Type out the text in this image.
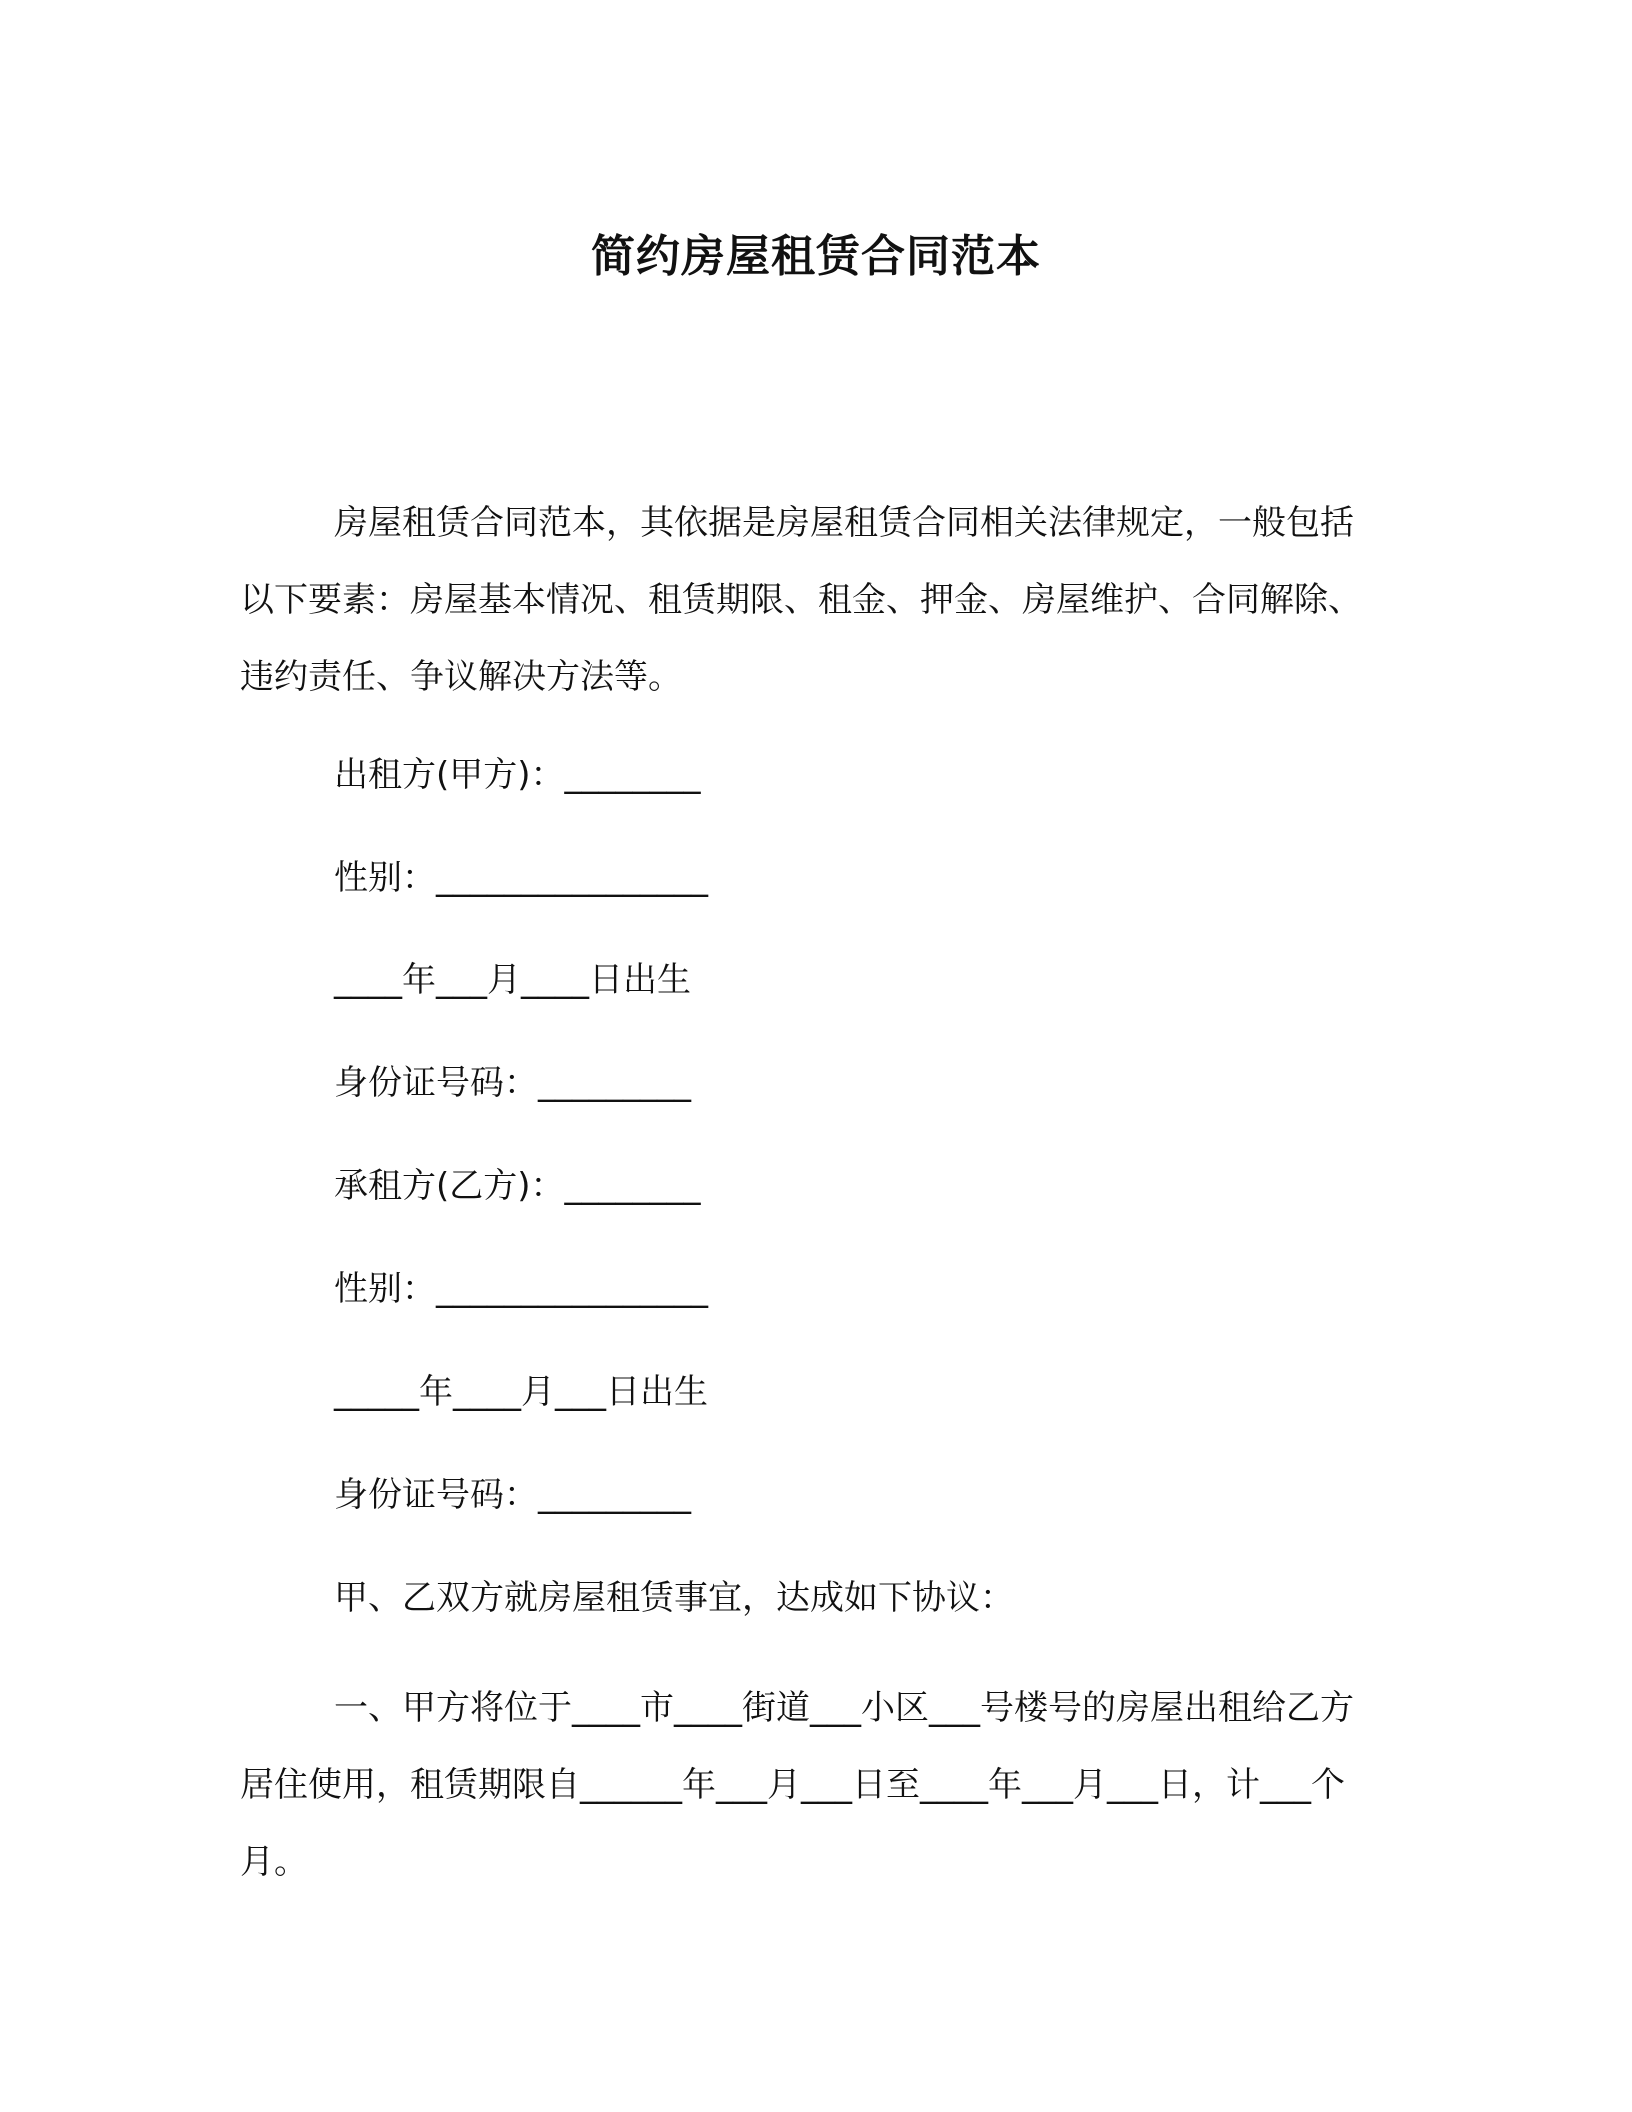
简约房屋租赁合同范本

房屋租赁合同范本，其依据是房屋租赁合同相关法律规定，一般包括以下要素：房屋基本情况、租赁期限、租金、押金、房屋维护、合同解除、违约责任、争议解决方法等。

出租方(甲方)：________
性别：________________
____年___月____日出生
身份证号码：_________
承租方(乙方)：________
性别：________________
_____年____月___日出生
身份证号码：_________
甲、乙双方就房屋租赁事宜，达成如下协议：

一、甲方将位于____市____街道___小区___号楼号的房屋出租给乙方居住使用，租赁期限自______年___月___日至____年___月___日，计___个月。
